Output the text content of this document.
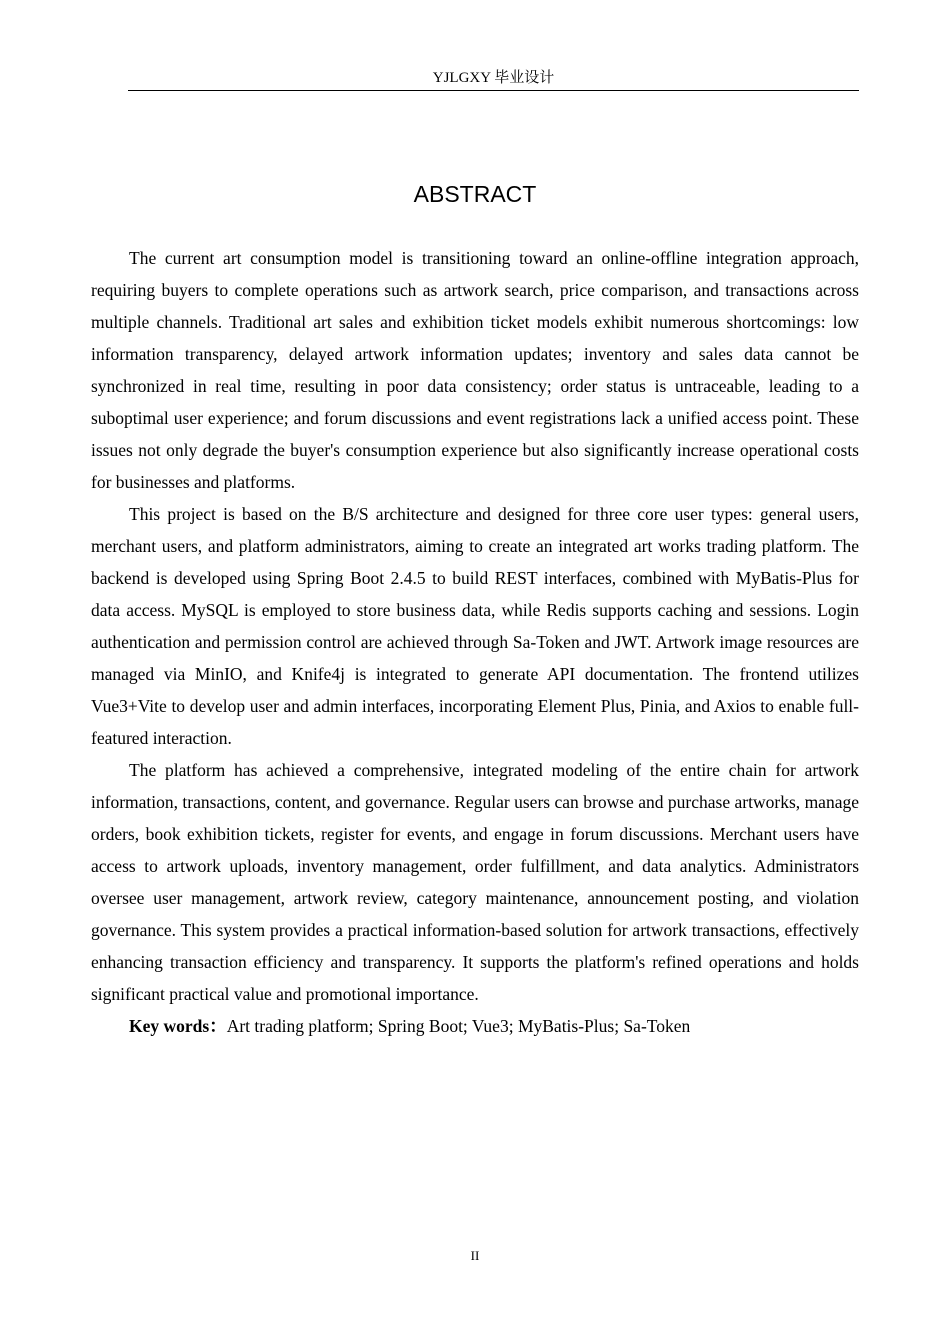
YJLGXY 毕业设计
ABSTRACT

The current art consumption model is transitioning toward an online-offline integration approach, requiring buyers to complete operations such as artwork search, price comparison, and transactions across multiple channels. Traditional art sales and exhibition ticket models exhibit numerous shortcomings: low information transparency, delayed artwork information updates; inventory and sales data cannot be synchronized in real time, resulting in poor data consistency; order status is untraceable, leading to a suboptimal user experience; and forum discussions and event registrations lack a unified access point. These issues not only degrade the buyer's consumption experience but also significantly increase operational costs for businesses and platforms.

This project is based on the B/S architecture and designed for three core user types: general users, merchant users, and platform administrators, aiming to create an integrated art works trading platform. The backend is developed using Spring Boot 2.4.5 to build REST interfaces, combined with MyBatis-Plus for data access. MySQL is employed to store business data, while Redis supports caching and sessions. Login authentication and permission control are achieved through Sa-Token and JWT. Artwork image resources are managed via MinIO, and Knife4j is integrated to generate API documentation. The frontend utilizes Vue3+Vite to develop user and admin interfaces, incorporating Element Plus, Pinia, and Axios to enable full-featured interaction.

The platform has achieved a comprehensive, integrated modeling of the entire chain for artwork information, transactions, content, and governance. Regular users can browse and purchase artworks, manage orders, book exhibition tickets, register for events, and engage in forum discussions. Merchant users have access to artwork uploads, inventory management, order fulfillment, and data analytics. Administrators oversee user management, artwork review, category maintenance, announcement posting, and violation governance. This system provides a practical information-based solution for artwork transactions, effectively enhancing transaction efficiency and transparency. It supports the platform's refined operations and holds significant practical value and promotional importance.

Key words：Art trading platform; Spring Boot; Vue3; MyBatis-Plus; Sa-Token

II
